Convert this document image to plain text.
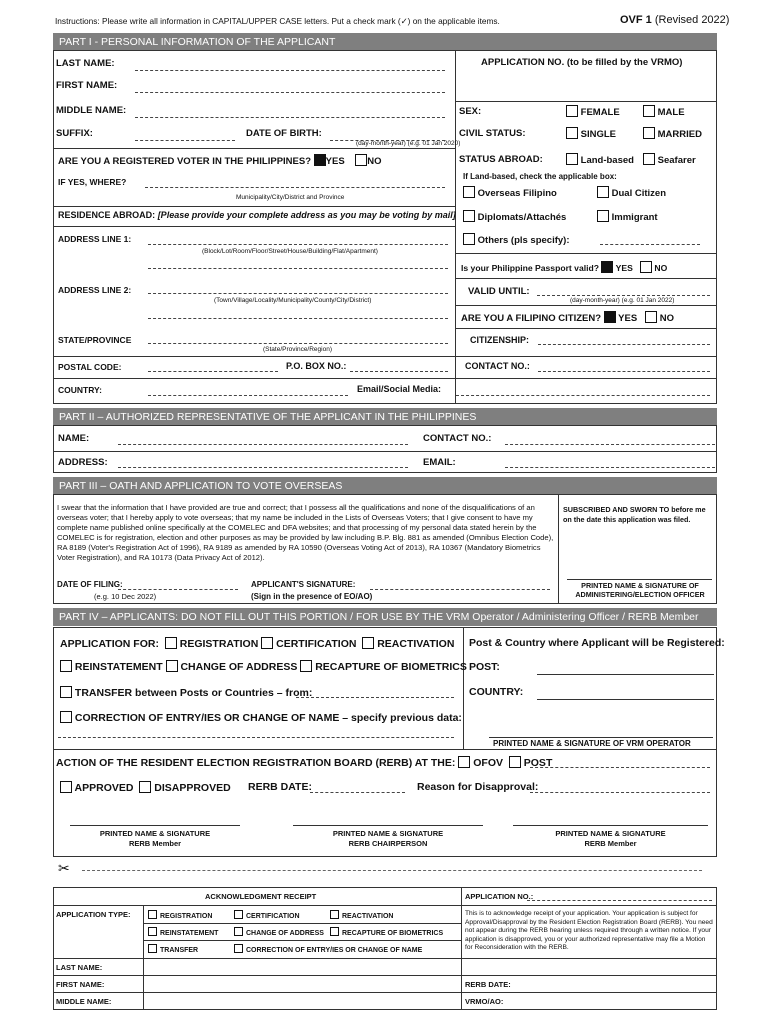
Instructions: Please write all information in CAPITAL/UPPER CASE letters. Put a check mark (✓) on the applicable items.	OVF 1 (Revised 2022)
PART I - PERSONAL INFORMATION OF THE APPLICANT
LAST NAME:
FIRST NAME:
MIDDLE NAME:
SUFFIX:	DATE OF BIRTH:
(day-month-year) (e.g. 01 Jan 2020)
APPLICATION NO. (to be filled by the VRMO)
SEX:	FEMALE	MALE
CIVIL STATUS:	SINGLE	MARRIED
ARE YOU A REGISTERED VOTER IN THE PHILIPPINES? YES NO
IF YES, WHERE?
Municipality/City/District and Province
STATUS ABROAD:	Land-based	Seafarer
If Land-based, check the applicable box:
Overseas Filipino	Dual Citizen
Diplomats/Attachés	Immigrant
Others (pls specify):
RESIDENCE ABROAD: [Please provide your complete address as you may be voting by mail]
ADDRESS LINE 1:
(Block/Lot/Room/Floor/Street/House/Building/Flat/Apartment)
ADDRESS LINE 2:
(Town/Village/Locality/Municipality/County/City/District)
STATE/PROVINCE
(State/Province/Region)
POSTAL CODE:	P.O. BOX NO.:
COUNTRY:	Email/Social Media:
Is your Philippine Passport valid? YES	NO
VALID UNTIL:
(day-month-year) (e.g. 01 Jan 2022)
ARE YOU A FILIPINO CITIZEN? YES NO
CITIZENSHIP:
CONTACT NO.:
PART II – AUTHORIZED REPRESENTATIVE OF THE APPLICANT IN THE PHILIPPINES
NAME:	CONTACT NO.:
ADDRESS:	EMAIL:
PART III – OATH AND APPLICATION TO VOTE OVERSEAS
I swear that the information that I have provided are true and correct; that I possess all the qualifications and none of the disqualifications of an overseas voter; that I hereby apply to vote overseas; that my name be included in the Lists of Overseas Voters; that I give consent to have my complete name published online specifically at the COMELEC and DFA websites; and that processing of my personal data stated herein by the COMELEC is for registration, election and other purposes as may be provided by law including B.P. Blg. 881 as amended (Omnibus Election Code), RA 8189 (Voter's Registration Act of 1996), RA 9189 as amended by RA 10590 (Overseas Voting Act of 2013), RA 10367 (Mandatory Biometrics Voter Registration), and RA 10173 (Data Privacy Act of 2012).
DATE OF FILING:
(e.g. 10 Dec 2022)
APPLICANT'S SIGNATURE:
(Sign in the presence of EO/AO)
SUBSCRIBED AND SWORN TO before me on the date this application was filed.
PRINTED NAME & SIGNATURE OF ADMINISTERING/ELECTION OFFICER
PART IV – APPLICANTS: DO NOT FILL OUT THIS PORTION / FOR USE BY THE VRM Operator / Administering Officer / RERB Member
APPLICATION FOR: REGISTRATION CERTIFICATION REACTIVATION
REINSTATEMENT CHANGE OF ADDRESS RECAPTURE OF BIOMETRICS
TRANSFER between Posts or Countries – from:
CORRECTION OF ENTRY/IES OR CHANGE OF NAME – specify previous data:
Post & Country where Applicant will be Registered:
POST:
COUNTRY:
PRINTED NAME & SIGNATURE OF VRM OPERATOR
ACTION OF THE RESIDENT ELECTION REGISTRATION BOARD (RERB) AT THE: OFOV POST
APPROVED DISAPPROVED RERB DATE:	Reason for Disapproval:
PRINTED NAME & SIGNATURE
RERB Member
PRINTED NAME & SIGNATURE
RERB CHAIRPERSON
PRINTED NAME & SIGNATURE
RERB Member
✂
ACKNOWLEDGMENT RECEIPT	APPLICATION NO.:
APPLICATION TYPE:	REGISTRATION	CERTIFICATION	REACTIVATION
REINSTATEMENT	CHANGE OF ADDRESS	RECAPTURE OF BIOMETRICS
TRANSFER	CORRECTION OF ENTRY/IES OR CHANGE OF NAME
This is to acknowledge receipt of your application. Your application is subject for Approval/Disapproval by the Resident Election Registration Board (RERB). You need not appear during the RERB hearing unless required through a written notice. If your application is disapproved, you or your authorized representative may file a Motion for Reconsideration with the RERB.
LAST NAME:
FIRST NAME:
MIDDLE NAME:
RERB DATE:
VRMO/AO:
